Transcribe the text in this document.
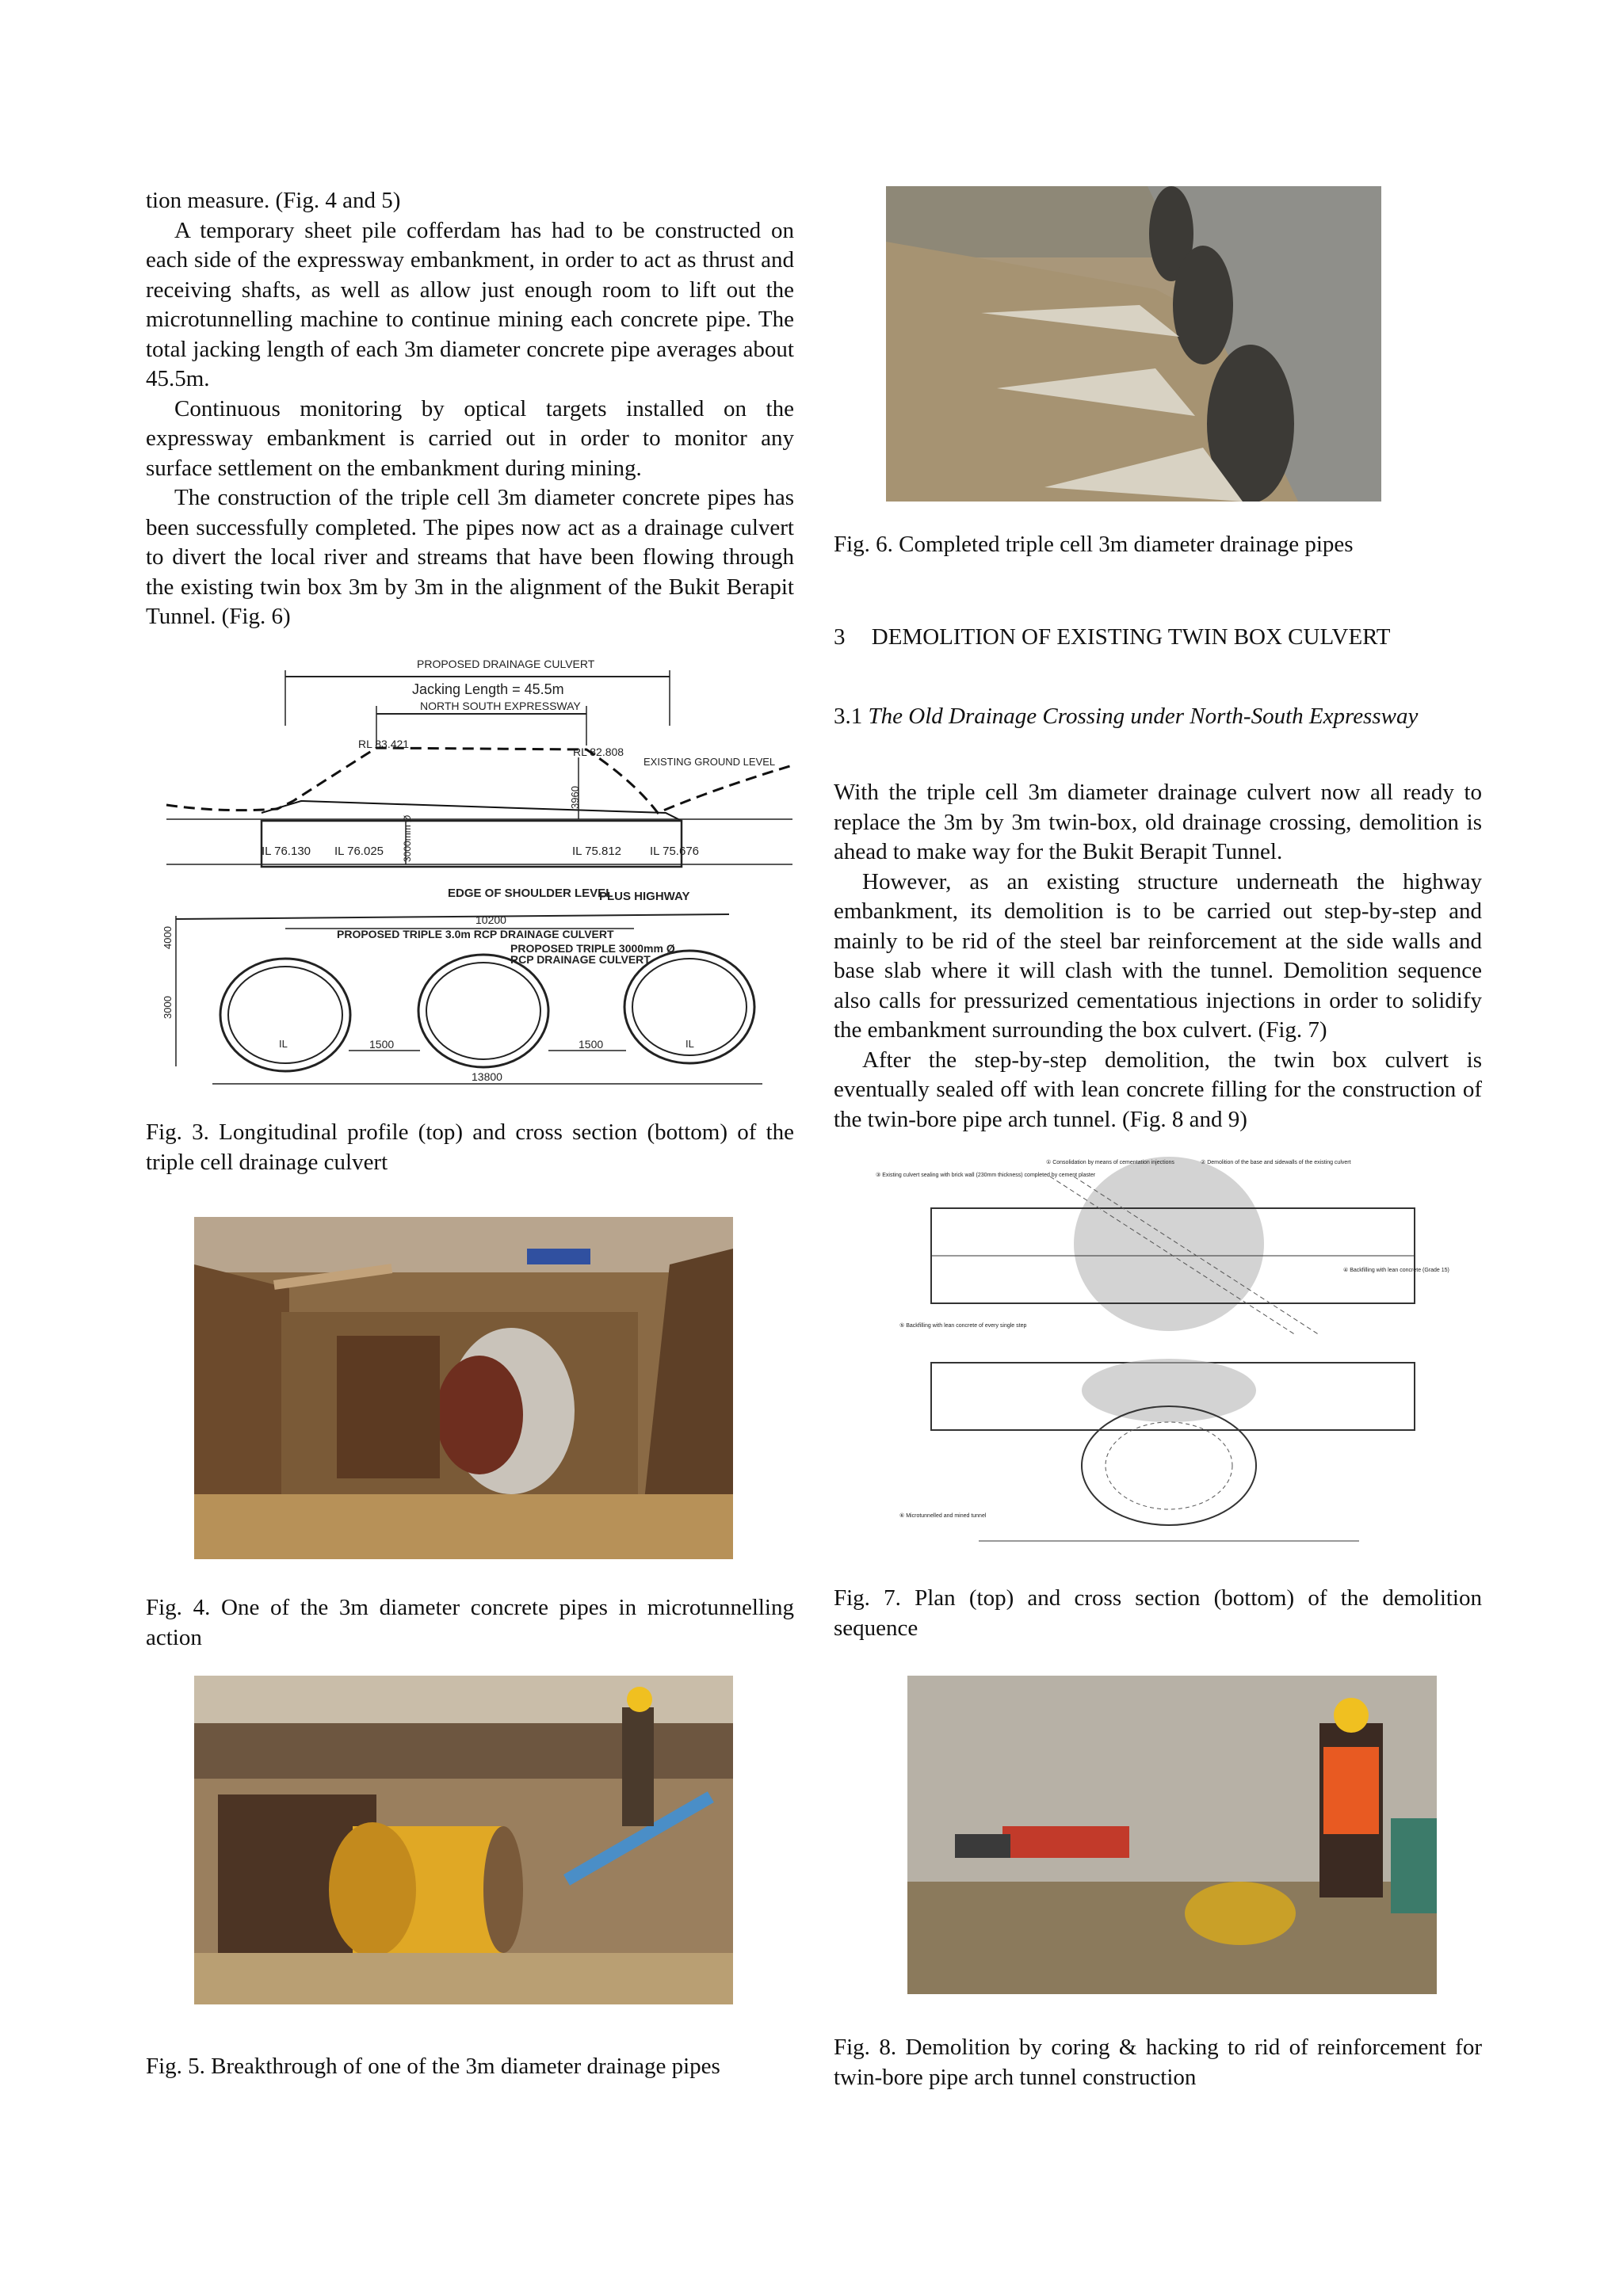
tion measure. (Fig. 4 and 5)

A temporary sheet pile cofferdam has had to be constructed on each side of the expressway embankment, in order to act as thrust and receiving shafts, as well as allow just enough room to lift out the microtunnelling machine to continue mining each concrete pipe. The total jacking length of each 3m diameter concrete pipe averages about 45.5m.

Continuous monitoring by optical targets installed on the expressway embankment is carried out in order to monitor any surface settlement on the embankment during mining.

The construction of the triple cell 3m diameter concrete pipes has been successfully completed. The pipes now act as a drainage culvert to divert the local river and streams that have been flowing through the existing twin box 3m by 3m in the alignment of the Bukit Berapit Tunnel. (Fig. 6)

PROPOSED DRAINAGE CULVERT
Jacking Length = 45.5m
NORTH SOUTH EXPRESSWAY
RL 83.421
RL 82.808
EXISTING GROUND LEVEL
3960
3000mm Ø
IL 76.130 IL 76.025	IL 75.812 IL 75.676
EDGE OF SHOULDER LEVEL
PLUS HIGHWAY
4000
10200
PROPOSED TRIPLE 3.0m RCP DRAINAGE CULVERT
PROPOSED TRIPLE 3000mm Ø
RCP DRAINAGE CULVERT
3000
IL	IL
1500	1500
13800

Fig. 3. Longitudinal profile (top) and cross section (bottom) of the triple cell drainage culvert

Fig. 4. One of the 3m diameter concrete pipes in microtunnelling action

Fig. 5. Breakthrough of one of the 3m diameter drainage pipes

Fig. 6. Completed triple cell 3m diameter drainage pipes

3 DEMOLITION OF EXISTING TWIN BOX CULVERT

3.1 The Old Drainage Crossing under North-South Expressway

With the triple cell 3m diameter drainage culvert now all ready to replace the 3m by 3m twin-box, old drainage crossing, demolition is ahead to make way for the Bukit Berapit Tunnel.

However, as an existing structure underneath the highway embankment, its demolition is to be carried out step-by-step and mainly to be rid of the steel bar reinforcement at the side walls and base slab where it will clash with the tunnel. Demolition sequence also calls for pressurized cementatious injections in order to solidify the embankment surrounding the box culvert. (Fig. 7)

After the step-by-step demolition, the twin box culvert is eventually sealed off with lean concrete filling for the construction of the twin-bore pipe arch tunnel. (Fig. 8 and 9)

① Consolidation by means of cementation injections	② Demolition of the base and sidewalls of the existing culvert
③ Existing culvert sealing with brick wall (230mm thickness) completed by cement plaster
④ Backfilling with lean concrete (Grade 15)
⑤ Backfilling with lean concrete of every single step
⑥ Microtunnelled and mined tunnel

Fig. 7. Plan (top) and cross section (bottom) of the demolition sequence

Fig. 8. Demolition by coring & hacking to rid of reinforcement for twin-bore pipe arch tunnel construction
